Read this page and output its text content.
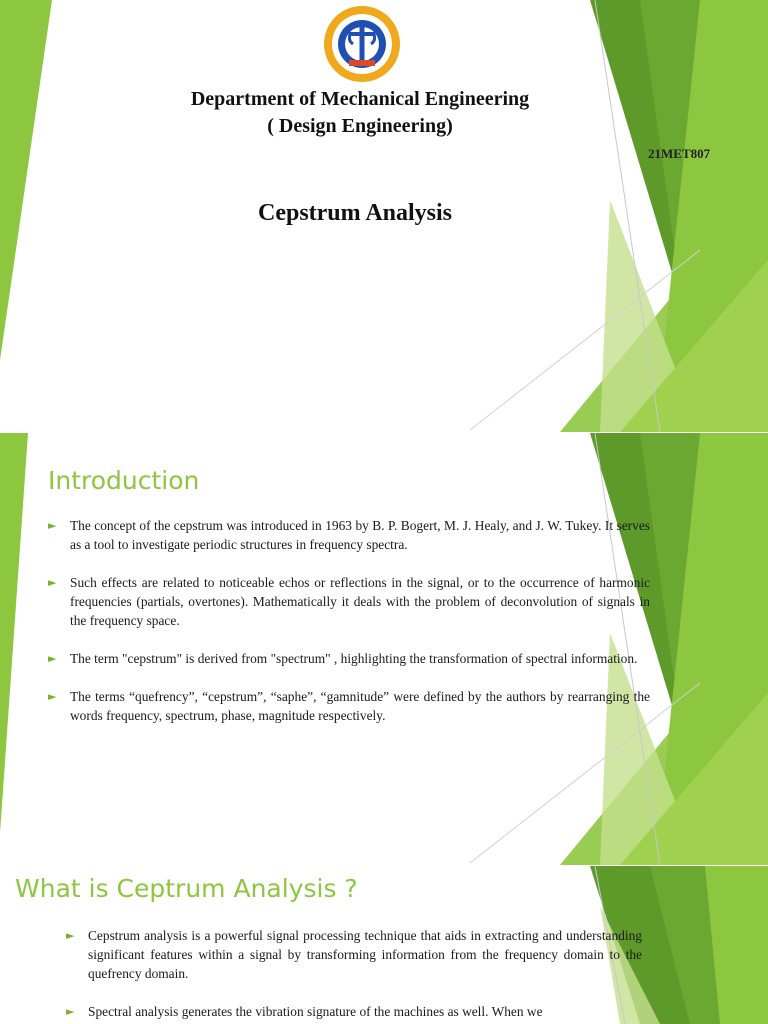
Department of Mechanical Engineering
( Design Engineering)
21MET807
Cepstrum Analysis
Introduction
► The concept of the cepstrum was introduced in 1963 by B. P. Bogert, M. J. Healy, and J. W. Tukey. It serves as a tool to investigate periodic structures in frequency spectra.
► Such effects are related to noticeable echos or reflections in the signal, or to the occurrence of harmonic frequencies (partials, overtones). Mathematically it deals with the problem of deconvolution of signals in the frequency space.
► The term "cepstrum" is derived from "spectrum" , highlighting the transformation of spectral information.
► The terms “quefrency”, “cepstrum”, “saphe”, “gamnitude” were defined by the authors by rearranging the words frequency, spectrum, phase, magnitude respectively.
What is Ceptrum Analysis ?
► Cepstrum analysis is a powerful signal processing technique that aids in extracting and understanding significant features within a signal by transforming information from the frequency domain to the quefrency domain.
► Spectral analysis generates the vibration signature of the machines as well. When we
